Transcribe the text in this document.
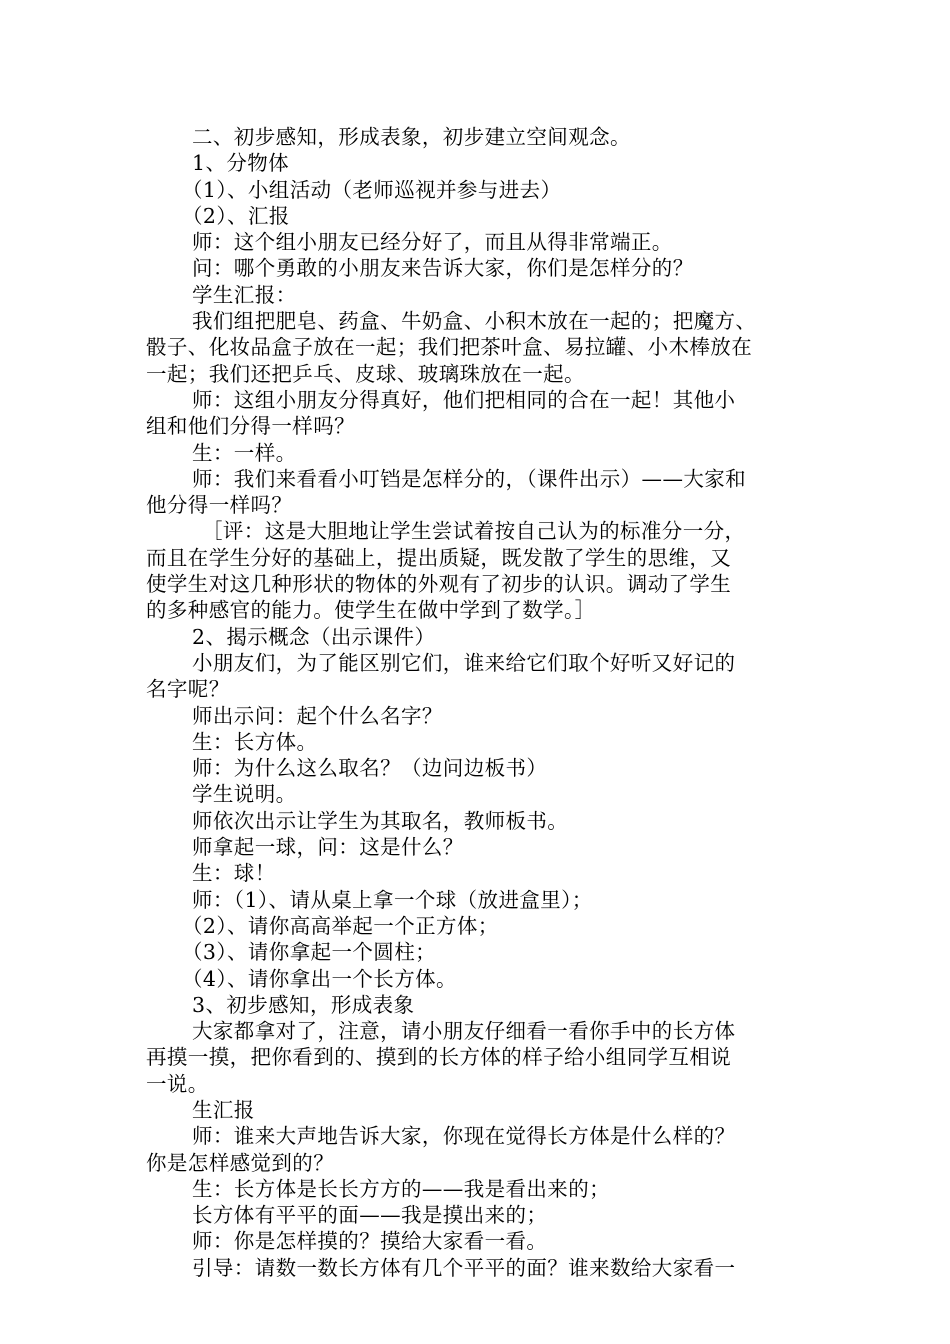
二、初步感知，形成表象，初步建立空间观念。
1、分物体
（1）、小组活动（老师巡视并参与进去）
（2）、汇报
师：这个组小朋友已经分好了，而且从得非常端正。
问：哪个勇敢的小朋友来告诉大家，你们是怎样分的？
学生汇报：
我们组把肥皂、药盒、牛奶盒、小积木放在一起的；把魔方、
骰子、化妆品盒子放在一起；我们把茶叶盒、易拉罐、小木棒放在
一起；我们还把乒乓、皮球、玻璃珠放在一起。
师：这组小朋友分得真好，他们把相同的合在一起！其他小
组和他们分得一样吗？
生：一样。
师：我们来看看小叮铛是怎样分的，（课件出示）——大家和
他分得一样吗？
［评：这是大胆地让学生尝试着按自己认为的标准分一分，
而且在学生分好的基础上，提出质疑，既发散了学生的思维，又
使学生对这几种形状的物体的外观有了初步的认识。调动了学生
的多种感官的能力。使学生在做中学到了数学。］
2、揭示概念（出示课件）
小朋友们，为了能区别它们，谁来给它们取个好听又好记的
名字呢？
师出示问：起个什么名字？
生：长方体。
师：为什么这么取名？（边问边板书）
学生说明。
师依次出示让学生为其取名，教师板书。
师拿起一球，问：这是什么？
生：球！
师：（1）、请从桌上拿一个球（放进盒里）；
（2）、请你高高举起一个正方体；
（3）、请你拿起一个圆柱；
（4）、请你拿出一个长方体。
3、初步感知，形成表象
大家都拿对了，注意，请小朋友仔细看一看你手中的长方体
再摸一摸，把你看到的、摸到的长方体的样子给小组同学互相说
一说。
生汇报
师：谁来大声地告诉大家，你现在觉得长方体是什么样的？
你是怎样感觉到的？
生：长方体是长长方方的——我是看出来的；
长方体有平平的面——我是摸出来的；
师：你是怎样摸的？摸给大家看一看。
引导：请数一数长方体有几个平平的面？谁来数给大家看一
